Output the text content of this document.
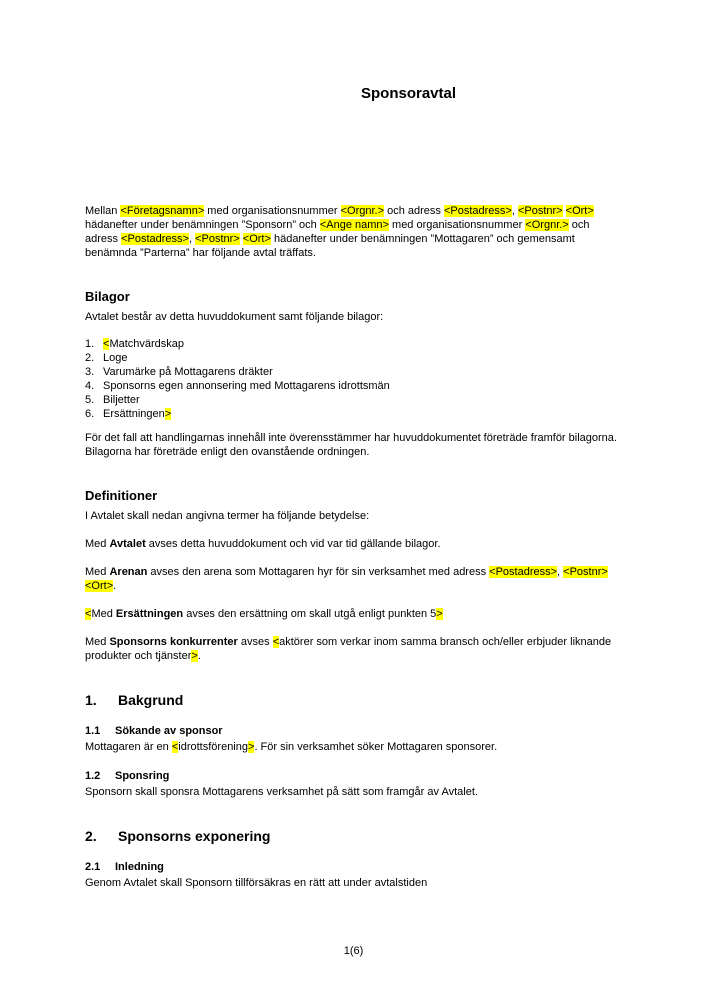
Sponsoravtal

Mellan <Företagsnamn> med organisationsnummer <Orgnr.> och adress <Postadress>, <Postnr> <Ort> hädanefter under benämningen ”Sponsorn” och <Ange namn> med organisationsnummer <Orgnr.> och adress <Postadress>, <Postnr> <Ort> hädanefter under benämningen ”Mottagaren” och gemensamt benämnda ”Parterna” har följande avtal träffats.

Bilagor

Avtalet består av detta huvuddokument samt följande bilagor:

1. <Matchvärdskap
2. Loge
3. Varumärke på Mottagarens dräkter
4. Sponsorns egen annonsering med Mottagarens idrottsmän
5. Biljetter
6. Ersättningen>

För det fall att handlingarnas innehåll inte överensstämmer har huvuddokumentet företräde framför bilagorna. Bilagorna har företräde enligt den ovanstående ordningen.

Definitioner

I Avtalet skall nedan angivna termer ha följande betydelse:

Med Avtalet avses detta huvuddokument och vid var tid gällande bilagor.

Med Arenan avses den arena som Mottagaren hyr för sin verksamhet med adress <Postadress>, <Postnr> <Ort>.

<Med Ersättningen avses den ersättning om skall utgå enligt punkten 5>

Med Sponsorns konkurrenter avses <aktörer som verkar inom samma bransch och/eller erbjuder liknande produkter och tjänster>.

1.	Bakgrund
1.1	Sökande av sponsor

Mottagaren är en <idrottsförening>. För sin verksamhet söker Mottagaren sponsorer.

1.2	Sponsring

Sponsorn skall sponsra Mottagarens verksamhet på sätt som framgår av Avtalet.

2.	Sponsorns exponering
2.1	Inledning

Genom Avtalet skall Sponsorn tillförsäkras en rätt att under avtalstiden

1(6)
